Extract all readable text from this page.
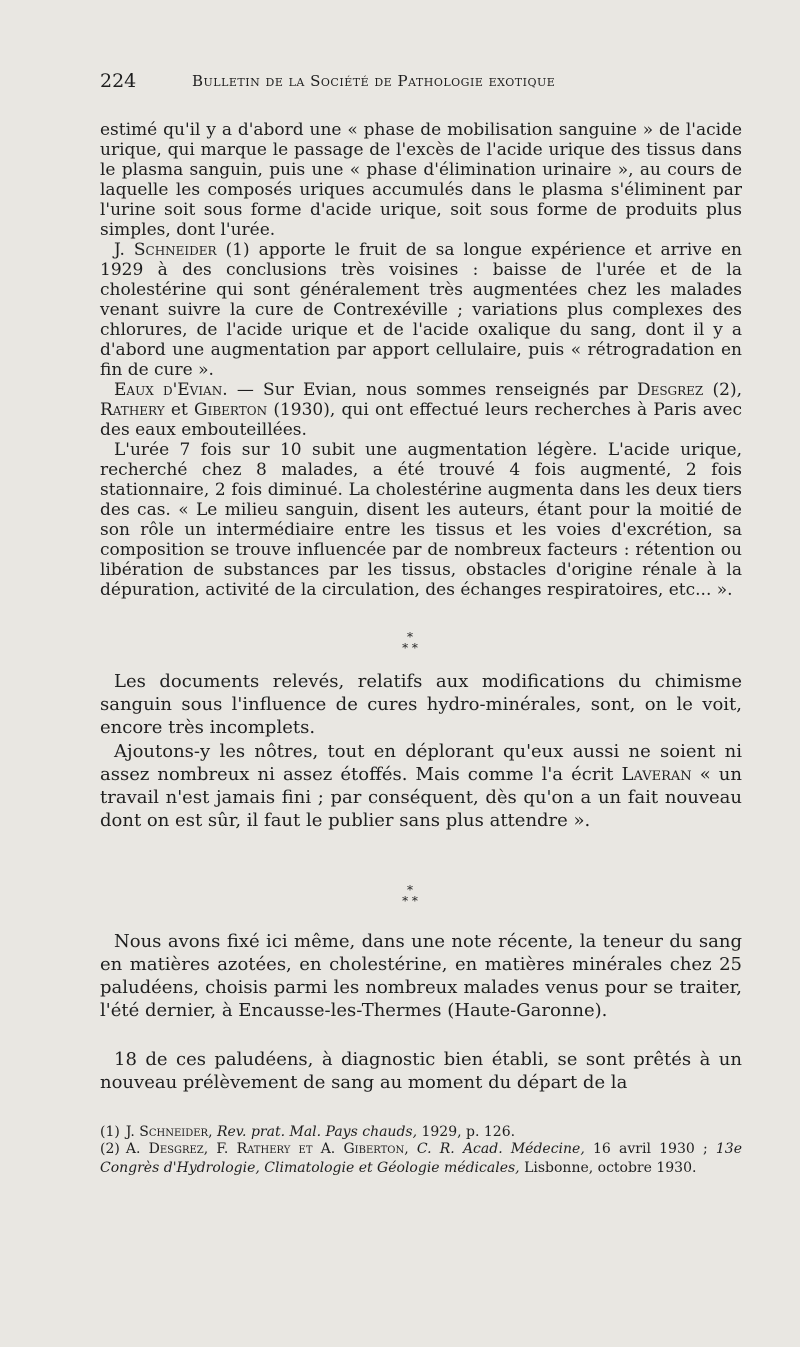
224	Bulletin de la Société de Pathologie exotique

estimé qu'il y a d'abord une « phase de mobilisation sanguine » de l'acide urique, qui marque le passage de l'excès de l'acide urique des tissus dans le plasma sanguin, puis une « phase d'élimination urinaire », au cours de laquelle les composés uriques accumulés dans le plasma s'éliminent par l'urine soit sous forme d'acide urique, soit sous forme de produits plus simples, dont l'urée.

J. Schneider (1) apporte le fruit de sa longue expérience et arrive en 1929 à des conclusions très voisines : baisse de l'urée et de la cholestérine qui sont généralement très augmentées chez les malades venant suivre la cure de Contrexéville ; variations plus complexes des chlorures, de l'acide urique et de l'acide oxalique du sang, dont il y a d'abord une augmentation par apport cellulaire, puis « rétrogradation en fin de cure ».

Eaux d'Evian. — Sur Evian, nous sommes renseignés par Desgrez (2), Rathery et Giberton (1930), qui ont effectué leurs recherches à Paris avec des eaux embouteillées.

L'urée 7 fois sur 10 subit une augmentation légère. L'acide urique, recherché chez 8 malades, a été trouvé 4 fois augmenté, 2 fois stationnaire, 2 fois diminué. La cholestérine augmenta dans les deux tiers des cas. « Le milieu sanguin, disent les auteurs, étant pour la moitié de son rôle un intermédiaire entre les tissus et les voies d'excrétion, sa composition se trouve influencée par de nombreux facteurs : rétention ou libération de substances par les tissus, obstacles d'origine rénale à la dépuration, activité de la circulation, des échanges respiratoires, etc... ».

*
* *

Les documents relevés, relatifs aux modifications du chimisme sanguin sous l'influence de cures hydro-minérales, sont, on le voit, encore très incomplets.

Ajoutons-y les nôtres, tout en déplorant qu'eux aussi ne soient ni assez nombreux ni assez étoffés. Mais comme l'a écrit Laveran « un travail n'est jamais fini ; par conséquent, dès qu'on a un fait nouveau dont on est sûr, il faut le publier sans plus attendre ».

*
* *

Nous avons fixé ici même, dans une note récente, la teneur du sang en matières azotées, en cholestérine, en matières minérales chez 25 paludéens, choisis parmi les nombreux malades venus pour se traiter, l'été dernier, à Encausse-les-Thermes (Haute-Garonne).

18 de ces paludéens, à diagnostic bien établi, se sont prêtés à un nouveau prélèvement de sang au moment du départ de la

(1) J. Schneider, Rev. prat. Mal. Pays chauds, 1929, p. 126.
(2) A. Desgrez, F. Rathery et A. Giberton, C. R. Acad. Médecine, 16 avril 1930 ; 13e Congrès d'Hydrologie, Climatologie et Géologie médicales, Lisbonne, octobre 1930.
